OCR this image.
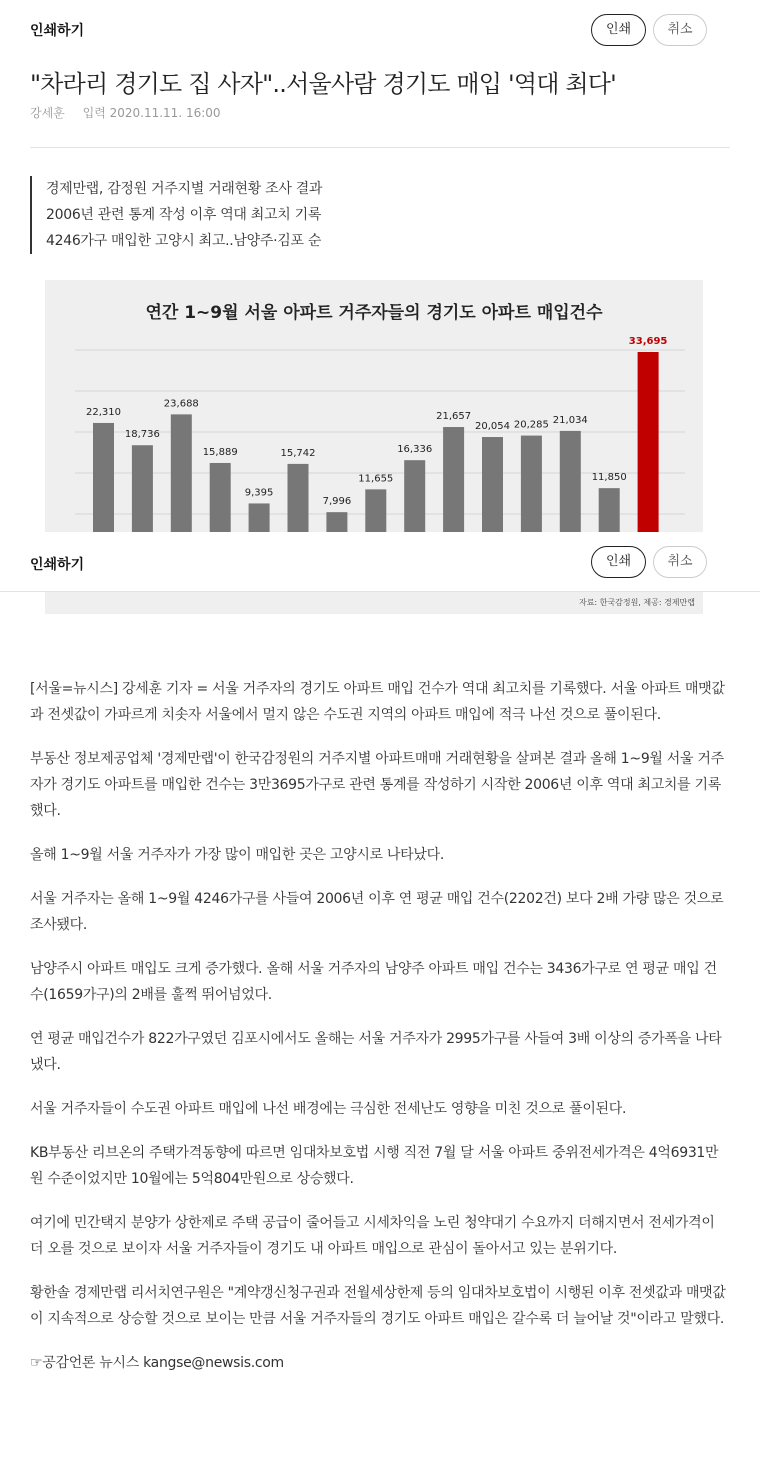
인쇄하기	인쇄	취소
"차라리 경기도 집 사자"..서울사람 경기도 매입 '역대 최다'
강세훈 입력 2020.11.11. 16:00
경제만랩, 감정원 거주지별 거래현황 조사 결과
2006년 관련 통계 작성 이후 역대 최고치 기록
4246가구 매입한 고양시 최고..남양주·김포 순
연간 1~9월 서울 아파트 거주자들의 경기도 아파트 매입건수
22,310
18,736
23,688
15,889
9,395
15,742
7,996
11,655
16,336
21,657
20,054 20,285 21,034
11,850
33,695
자료: 한국감정원, 제공: 경제만랩
인쇄하기	인쇄	취소

[서울=뉴시스] 강세훈 기자 = 서울 거주자의 경기도 아파트 매입 건수가 역대 최고치를 기록했다. 서울 아파트 매맷값과 전셋값이 가파르게 치솟자 서울에서 멀지 않은 수도권 지역의 아파트 매입에 적극 나선 것으로 풀이된다.

부동산 정보제공업체 '경제만랩'이 한국감정원의 거주지별 아파트매매 거래현황을 살펴본 결과 올해 1~9월 서울 거주자가 경기도 아파트를 매입한 건수는 3만3695가구로 관련 통계를 작성하기 시작한 2006년 이후 역대 최고치를 기록했다.

올해 1~9월 서울 거주자가 가장 많이 매입한 곳은 고양시로 나타났다.

서울 거주자는 올해 1~9월 4246가구를 사들여 2006년 이후 연 평균 매입 건수(2202건) 보다 2배 가량 많은 것으로 조사됐다.

남양주시 아파트 매입도 크게 증가했다. 올해 서울 거주자의 남양주 아파트 매입 건수는 3436가구로 연 평균 매입 건수(1659가구)의 2배를 훌쩍 뛰어넘었다.

연 평균 매입건수가 822가구였던 김포시에서도 올해는 서울 거주자가 2995가구를 사들여 3배 이상의 증가폭을 나타냈다.

서울 거주자들이 수도권 아파트 매입에 나선 배경에는 극심한 전세난도 영향을 미친 것으로 풀이된다.

KB부동산 리브온의 주택가격동향에 따르면 임대차보호법 시행 직전 7월 달 서울 아파트 중위전세가격은 4억6931만원 수준이었지만 10월에는 5억804만원으로 상승했다.

여기에 민간택지 분양가 상한제로 주택 공급이 줄어들고 시세차익을 노린 청약대기 수요까지 더해지면서 전세가격이 더 오를 것으로 보이자 서울 거주자들이 경기도 내 아파트 매입으로 관심이 돌아서고 있는 분위기다.

황한솔 경제만랩 리서치연구원은 "계약갱신청구권과 전월세상한제 등의 임대차보호법이 시행된 이후 전셋값과 매맷값이 지속적으로 상승할 것으로 보이는 만큼 서울 거주자들의 경기도 아파트 매입은 갈수록 더 늘어날 것"이라고 말했다.

☞공감언론 뉴시스 kangse@newsis.com
